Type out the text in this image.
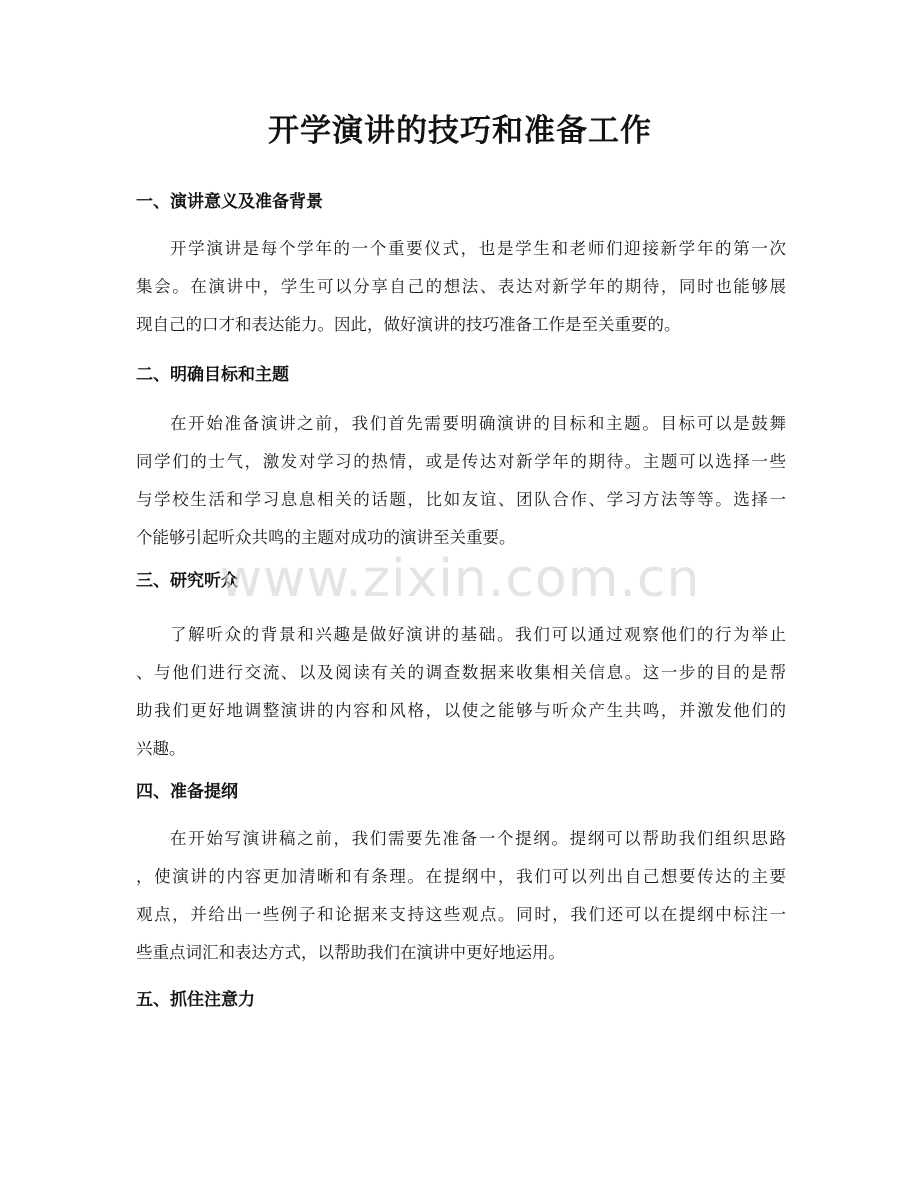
开学演讲的技巧和准备工作
一、演讲意义及准备背景
开学演讲是每个学年的一个重要仪式，也是学生和老师们迎接新学年的第一次
集会。在演讲中，学生可以分享自己的想法、表达对新学年的期待，同时也能够展
现自己的口才和表达能力。因此，做好演讲的技巧准备工作是至关重要的。
二、明确目标和主题
在开始准备演讲之前，我们首先需要明确演讲的目标和主题。目标可以是鼓舞
同学们的士气，激发对学习的热情，或是传达对新学年的期待。主题可以选择一些
与学校生活和学习息息相关的话题，比如友谊、团队合作、学习方法等等。选择一
个能够引起听众共鸣的主题对成功的演讲至关重要。
三、研究听众
了解听众的背景和兴趣是做好演讲的基础。我们可以通过观察他们的行为举止
、与他们进行交流、以及阅读有关的调查数据来收集相关信息。这一步的目的是帮
助我们更好地调整演讲的内容和风格，以使之能够与听众产生共鸣，并激发他们的
兴趣。
四、准备提纲
在开始写演讲稿之前，我们需要先准备一个提纲。提纲可以帮助我们组织思路
，使演讲的内容更加清晰和有条理。在提纲中，我们可以列出自己想要传达的主要
观点，并给出一些例子和论据来支持这些观点。同时，我们还可以在提纲中标注一
些重点词汇和表达方式，以帮助我们在演讲中更好地运用。
五、抓住注意力
www.zixin.com.cn
